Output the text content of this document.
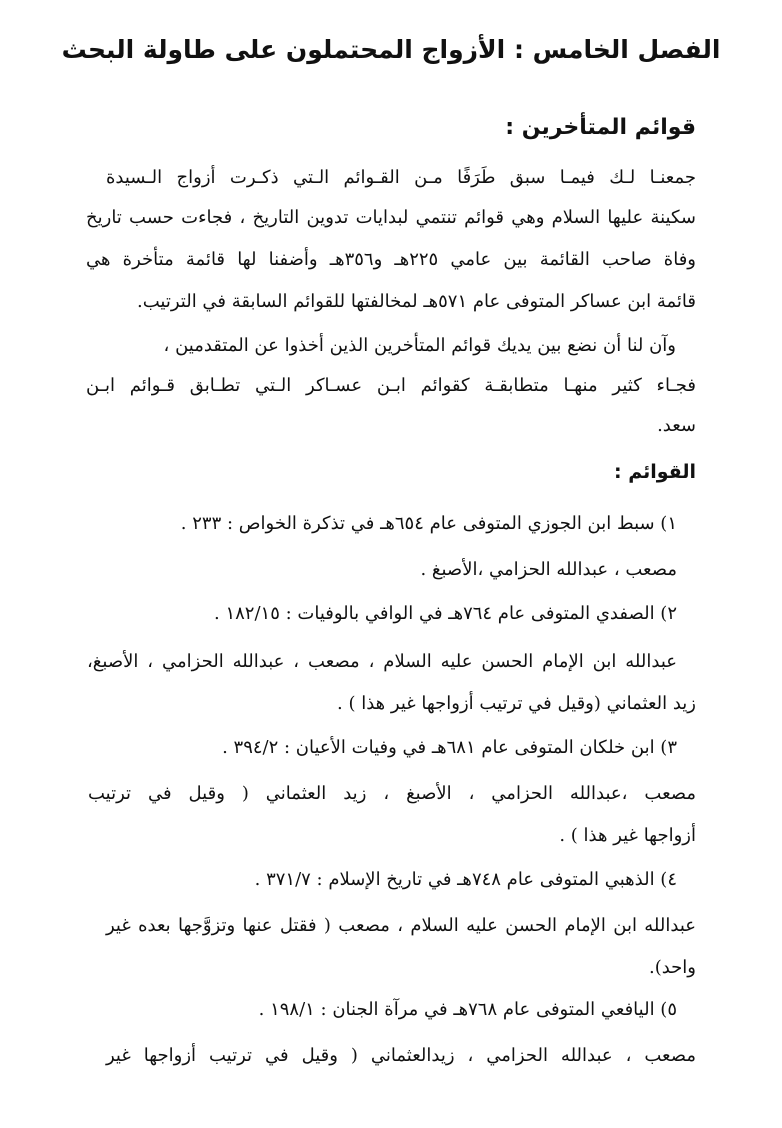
الفصل الخامس : الأزواج المحتملون على طاولة البحث
قوائم المتأخرين :

جمعنـا لـك فيمـا سبق طَرَفًا مـن القـوائم الـتي ذكـرت أزواج الـسيدة

سكينة عليها السلام وهي قوائم تنتمي لبدايات تدوين التاريخ ، فجاءت حسب تاريخ

وفاة صاحب القائمة بين عامي ٢٢٥هـ و٣٥٦هـ وأضفنا لها قائمة متأخرة هي

قائمة ابن عساكر المتوفى عام ٥٧١هـ لمخالفتها للقوائم السابقة في الترتيب.

وآن لنا أن نضع بين يديك قوائم المتأخرين الذين أخذوا عن المتقدمين ،

فجـاء كثير منهـا متطابقـة كقوائم ابـن عسـاكر الـتي تطـابق قـوائم ابـن

سعد.

القوائم :

١) سبط ابن الجوزي المتوفى عام ٦٥٤هـ في تذكرة الخواص : ٢٣٣ .

مصعب ، عبدالله الحزامي ،الأصبغ .

٢) الصفدي المتوفى عام ٧٦٤هـ في الوافي بالوفيات : ١٨٢/١٥ .

عبدالله ابن الإمام الحسن عليه السلام ، مصعب ، عبدالله الحزامي ، الأصبغ،

زيد العثماني (وقيل في ترتيب أزواجها غير هذا ) .

٣) ابن خلكان المتوفى عام ٦٨١هـ في وفيات الأعيان : ٣٩٤/٢ .

مصعب ،عبدالله الحزامي ، الأصبغ ، زيد العثماني ( وقيل في ترتيب

أزواجها غير هذا ) .

٤) الذهبي المتوفى عام ٧٤٨هـ في تاريخ الإسلام : ٣٧١/٧ .

عبدالله ابن الإمام الحسن عليه السلام ، مصعب ( فقتل عنها وتزوَّجها بعده غير

واحد).

٥) اليافعي المتوفى عام ٧٦٨هـ في مرآة الجنان : ١٩٨/١ .

مصعب ، عبدالله الحزامي ، زيدالعثماني ( وقيل في ترتيب أزواجها غير
